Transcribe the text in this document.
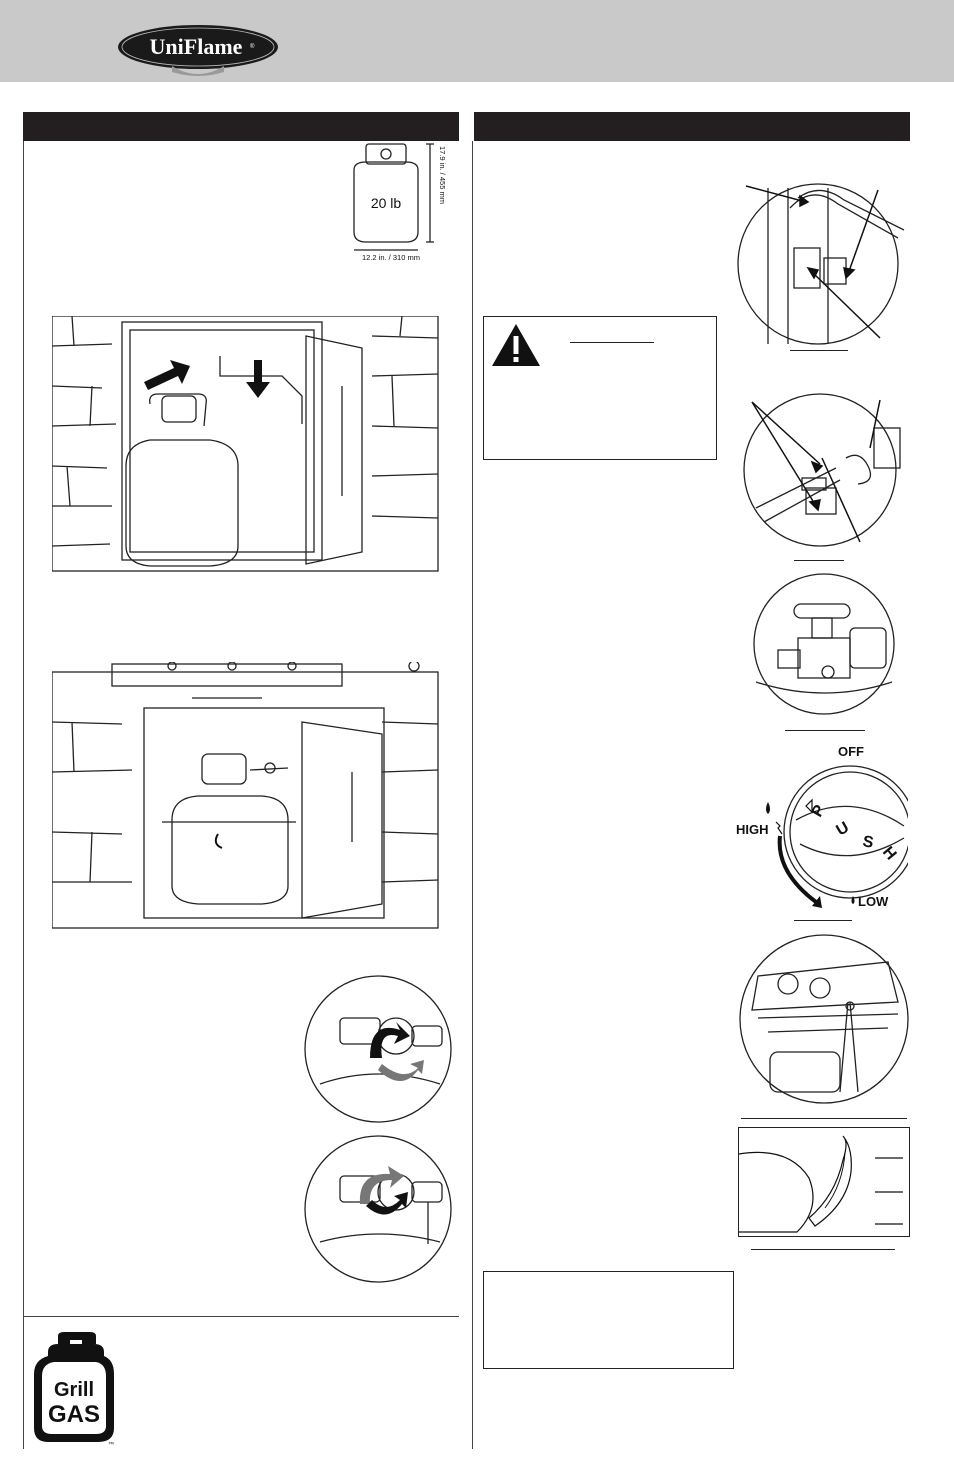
UniFlame ®
20 lb	17.9 in. / 455 mm
12.2 in. / 310 mm
Grill
GAS
™
OFF
HIGH
LOW
P
U
S
H
